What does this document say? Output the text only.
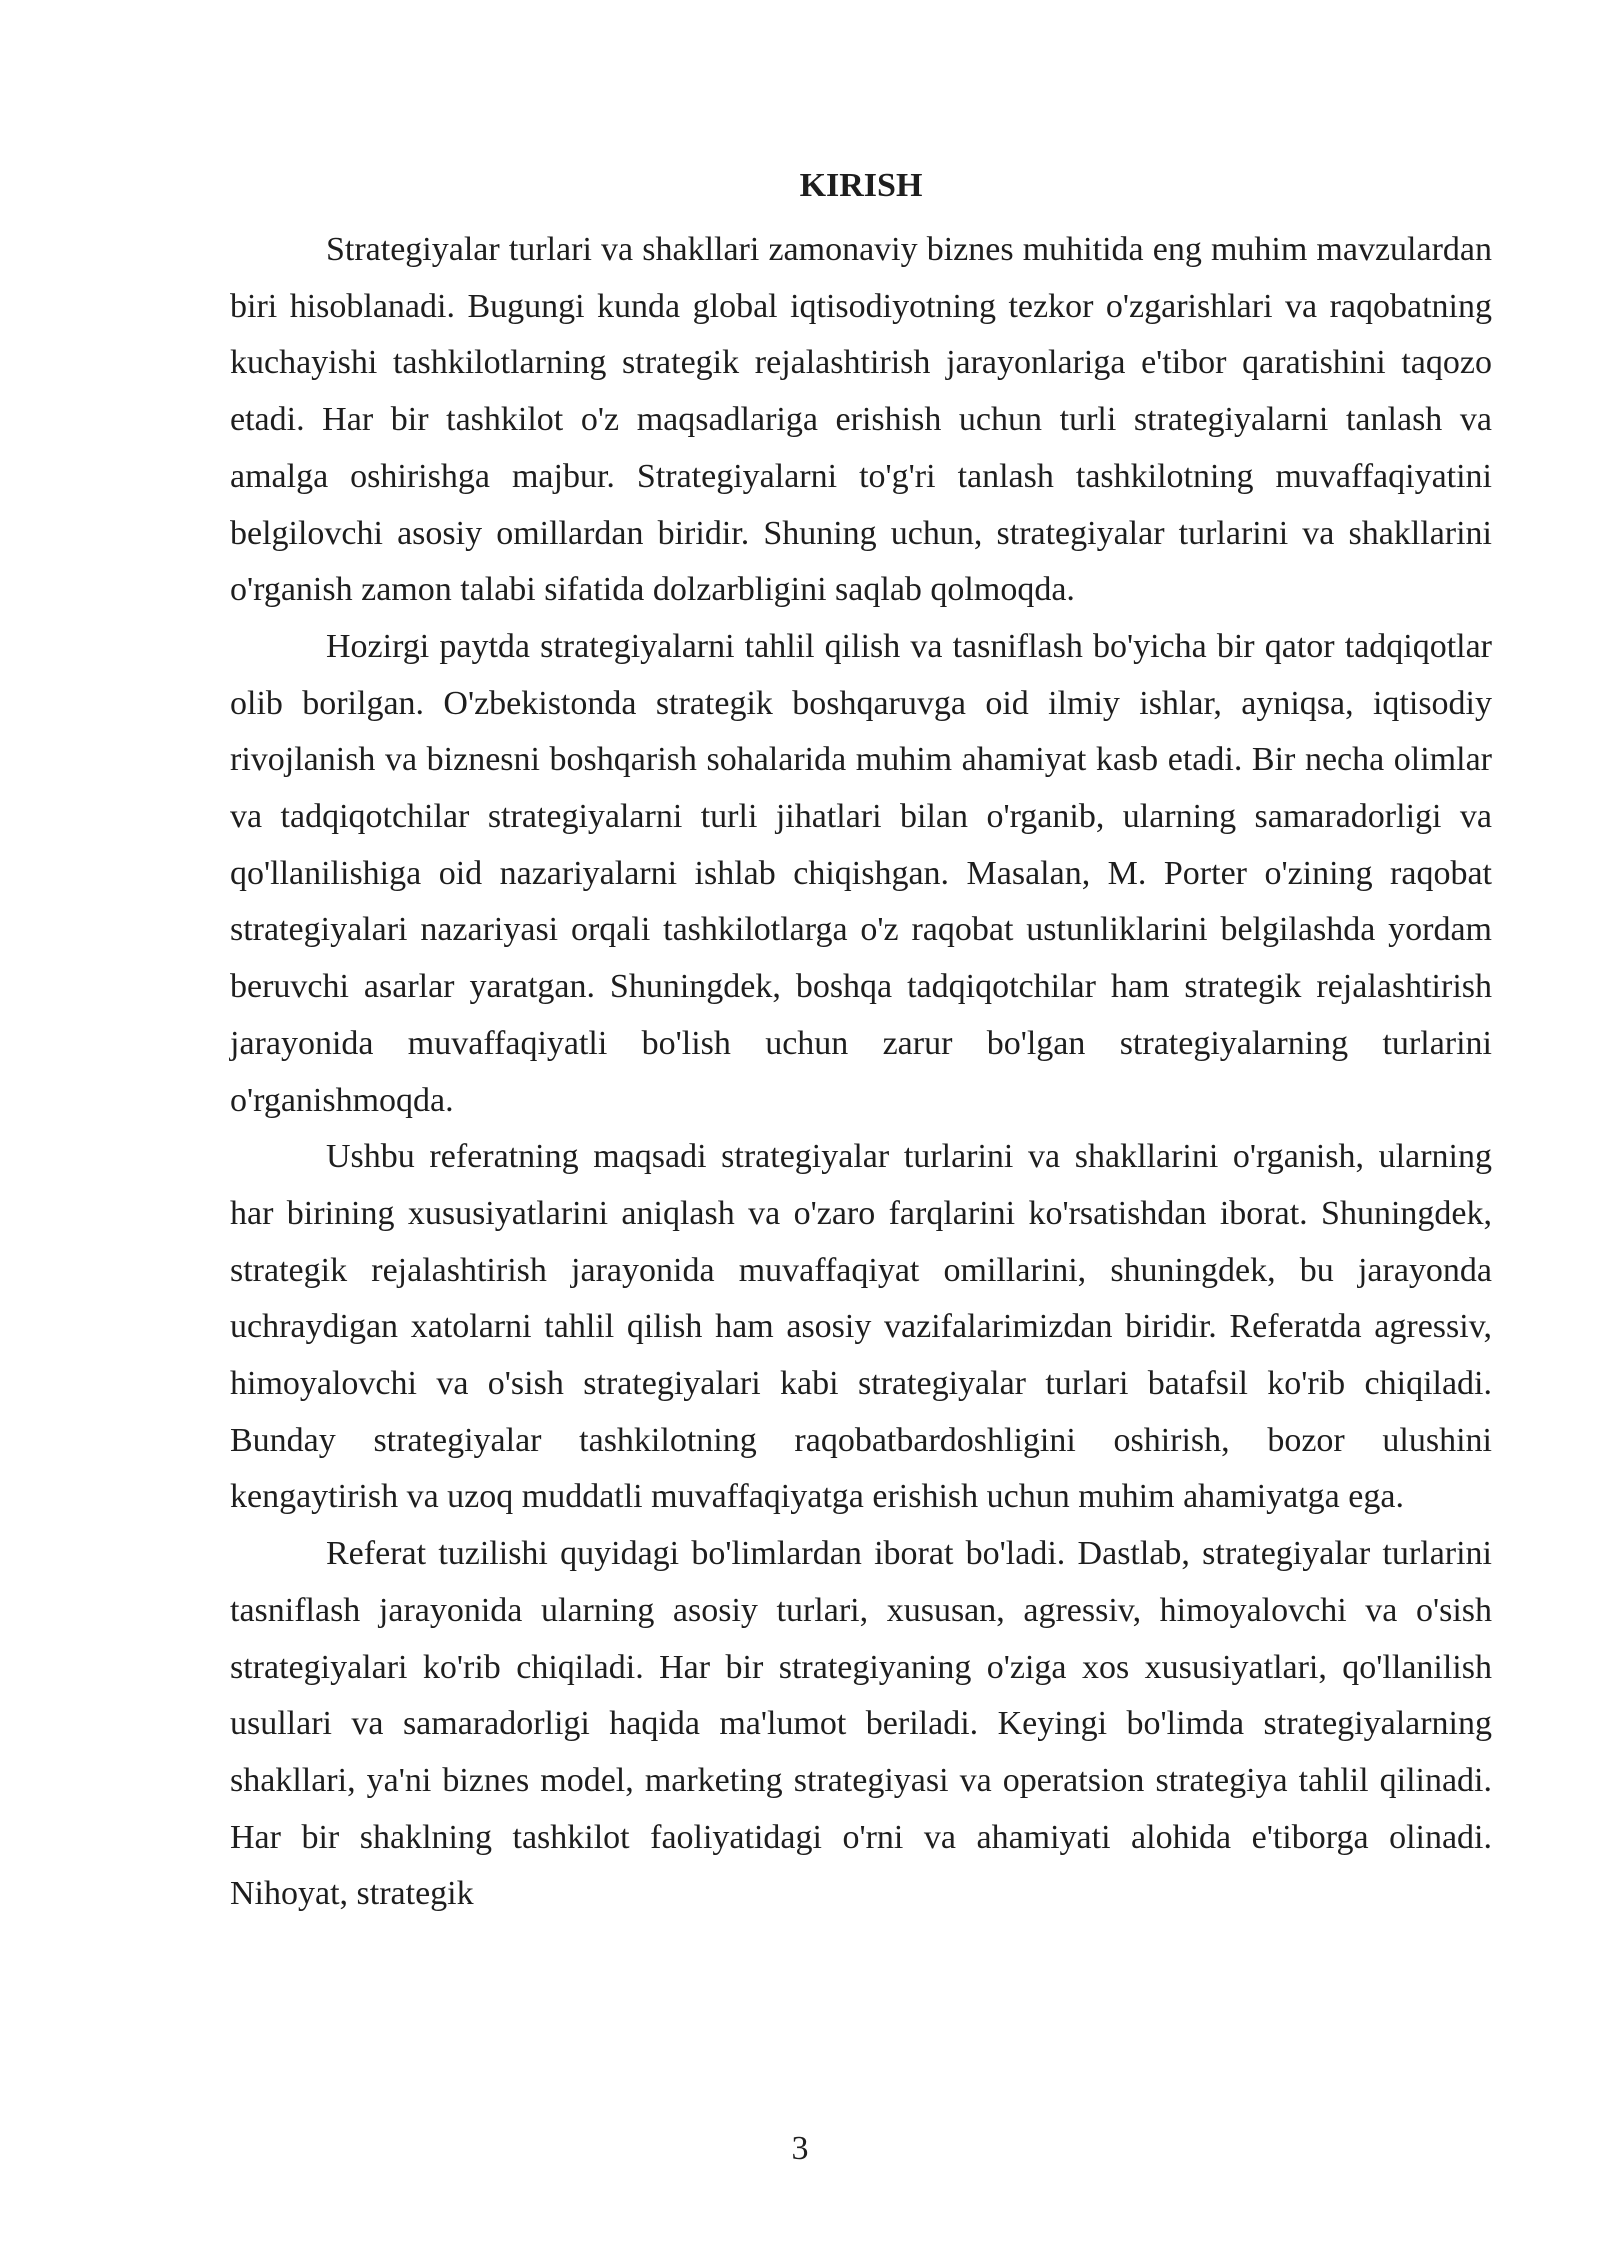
KIRISH

Strategiyalar turlari va shakllari zamonaviy biznes muhitida eng muhim mavzulardan biri hisoblanadi. Bugungi kunda global iqtisodiyotning tezkor o'zgarishlari va raqobatning kuchayishi tashkilotlarning strategik rejalashtirish jarayonlariga e'tibor qaratishini taqozo etadi. Har bir tashkilot o'z maqsadlariga erishish uchun turli strategiyalarni tanlash va amalga oshirishga majbur. Strategiyalarni to'g'ri tanlash tashkilotning muvaffaqiyatini belgilovchi asosiy omillardan biridir. Shuning uchun, strategiyalar turlarini va shakllarini o'rganish zamon talabi sifatida dolzarbligini saqlab qolmoqda.

Hozirgi paytda strategiyalarni tahlil qilish va tasniflash bo'yicha bir qator tadqiqotlar olib borilgan. O'zbekistonda strategik boshqaruvga oid ilmiy ishlar, ayniqsa, iqtisodiy rivojlanish va biznesni boshqarish sohalarida muhim ahamiyat kasb etadi. Bir necha olimlar va tadqiqotchilar strategiyalarni turli jihatlari bilan o'rganib, ularning samaradorligi va qo'llanilishiga oid nazariyalarni ishlab chiqishgan. Masalan, M. Porter o'zining raqobat strategiyalari nazariyasi orqali tashkilotlarga o'z raqobat ustunliklarini belgilashda yordam beruvchi asarlar yaratgan. Shuningdek, boshqa tadqiqotchilar ham strategik rejalashtirish jarayonida muvaffaqiyatli bo'lish uchun zarur bo'lgan strategiyalarning turlarini o'rganishmoqda.

Ushbu referatning maqsadi strategiyalar turlarini va shakllarini o'rganish, ularning har birining xususiyatlarini aniqlash va o'zaro farqlarini ko'rsatishdan iborat. Shuningdek, strategik rejalashtirish jarayonida muvaffaqiyat omillarini, shuningdek, bu jarayonda uchraydigan xatolarni tahlil qilish ham asosiy vazifalarimizdan biridir. Referatda agressiv, himoyalovchi va o'sish strategiyalari kabi strategiyalar turlari batafsil ko'rib chiqiladi. Bunday strategiyalar tashkilotning raqobatbardoshligini oshirish, bozor ulushini kengaytirish va uzoq muddatli muvaffaqiyatga erishish uchun muhim ahamiyatga ega.

Referat tuzilishi quyidagi bo'limlardan iborat bo'ladi. Dastlab, strategiyalar turlarini tasniflash jarayonida ularning asosiy turlari, xususan, agressiv, himoyalovchi va o'sish strategiyalari ko'rib chiqiladi. Har bir strategiyaning o'ziga xos xususiyatlari, qo'llanilish usullari va samaradorligi haqida ma'lumot beriladi. Keyingi bo'limda strategiyalarning shakllari, ya'ni biznes model, marketing strategiyasi va operatsion strategiya tahlil qilinadi. Har bir shaklning tashkilot faoliyatidagi o'rni va ahamiyati alohida e'tiborga olinadi. Nihoyat, strategik

3
